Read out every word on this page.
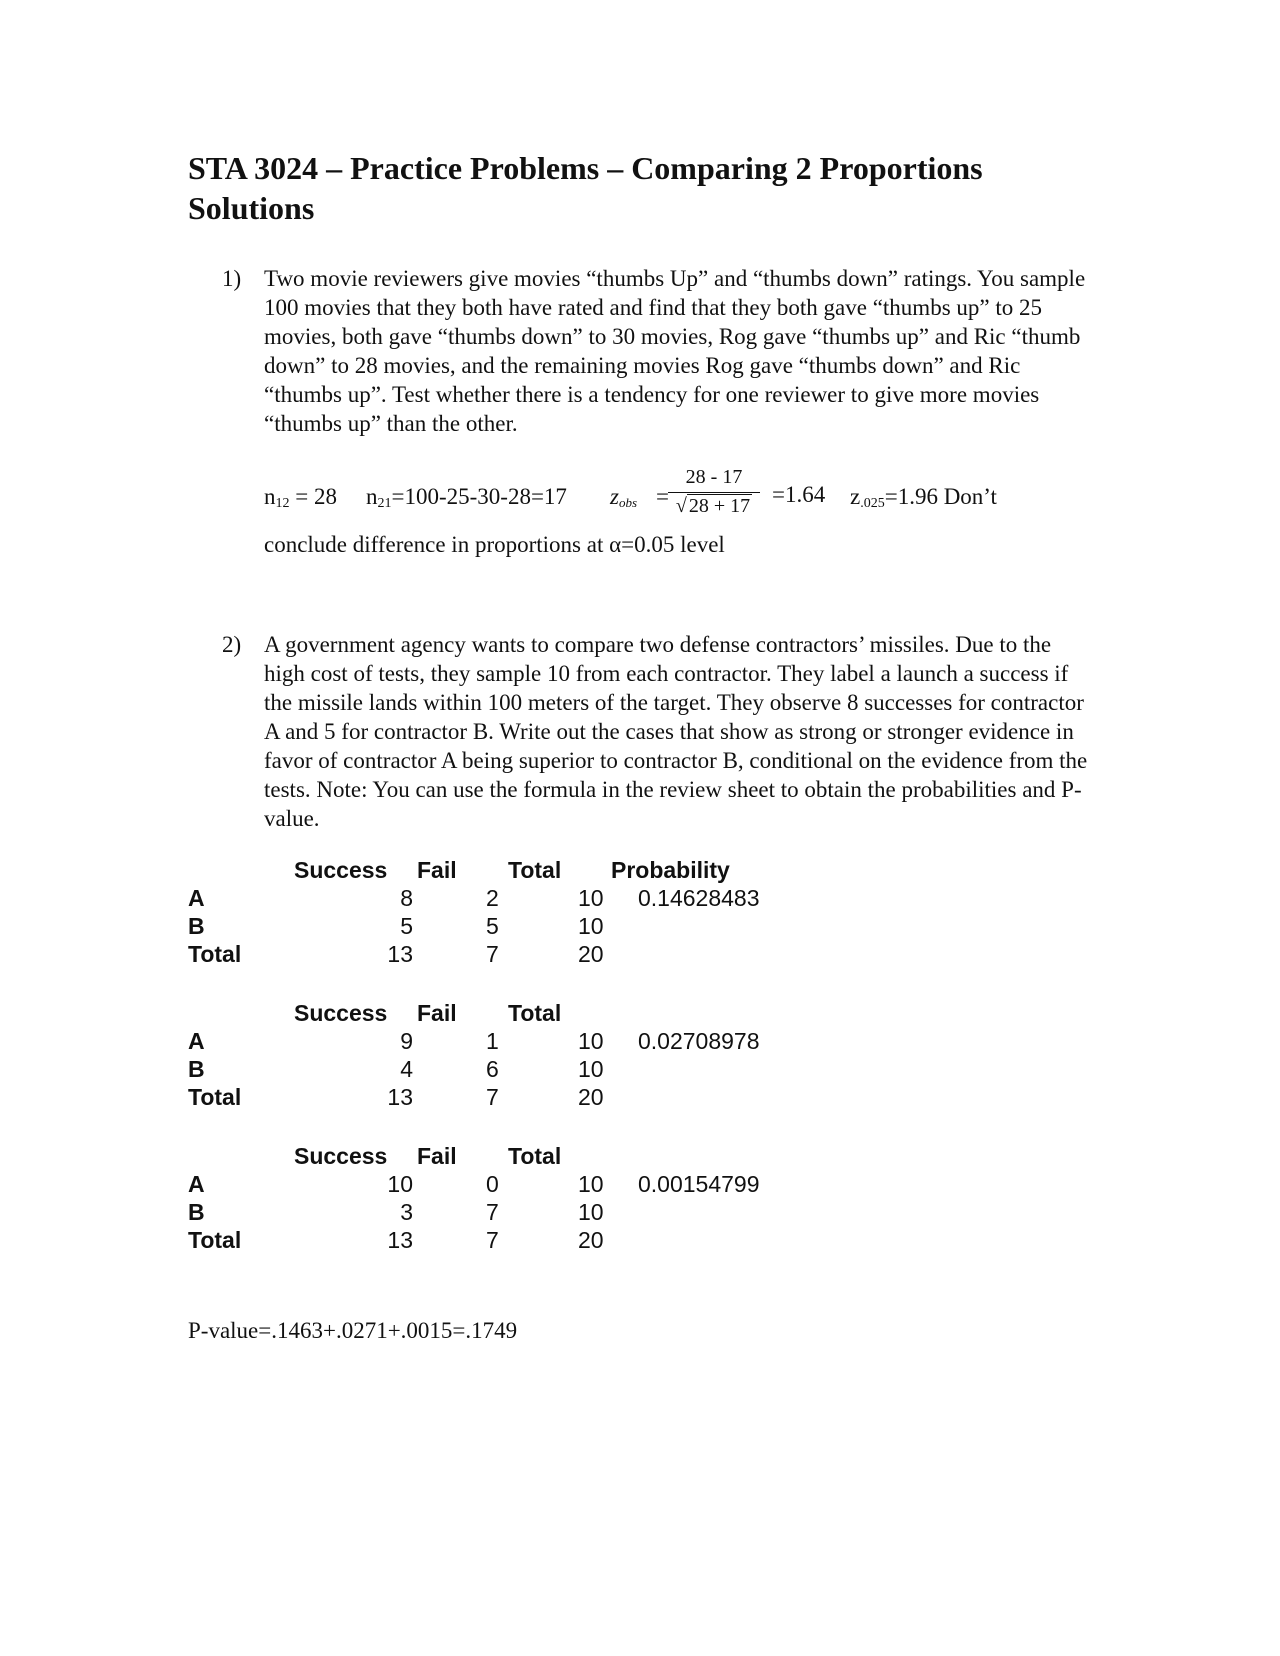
STA 3024 – Practice Problems – Comparing 2 Proportions
Solutions
1) Two movie reviewers give movies “thumbs Up” and “thumbs down” ratings. You sample 100 movies that they both have rated and find that they both gave “thumbs up” to 25 movies, both gave “thumbs down” to 30 movies, Rog gave “thumbs up” and Ric “thumb down” to 28 movies, and the remaining movies Rog gave “thumbs down” and Ric “thumbs up”. Test whether there is a tendency for one reviewer to give more movies “thumbs up” than the other.
$n_{12} = 28$ $n_{21}=100-25-30-28=17$ $z_{obs}$ =
28 - 17
√ 28 + 17 =1.64 $z_{.025}=1.96$ Don’t
conclude difference in proportions at α=0.05 level
2) A government agency wants to compare two defense contractors’ missiles. Due to the high cost of tests, they sample 10 from each contractor. They label a launch a success if the missile lands within 100 meters of the target. They observe 8 successes for contractor A and 5 for contractor B. Write out the cases that show as strong or stronger evidence in favor of contractor A being superior to contractor B, conditional on the evidence from the tests. Note: You can use the formula in the review sheet to obtain the probabilities and P-value.
Success Fail Total Probability
A	8	2	10 0.14628483
B	5	5	10
Total	13	7	20
Success Fail Total
A	9	1	10 0.02708978
B	4	6	10
Total	13	7	20
Success Fail Total
A	10	0	10 0.00154799
B	3	7	10
Total	13	7	20
P-value=.1463+.0271+.0015=.1749
